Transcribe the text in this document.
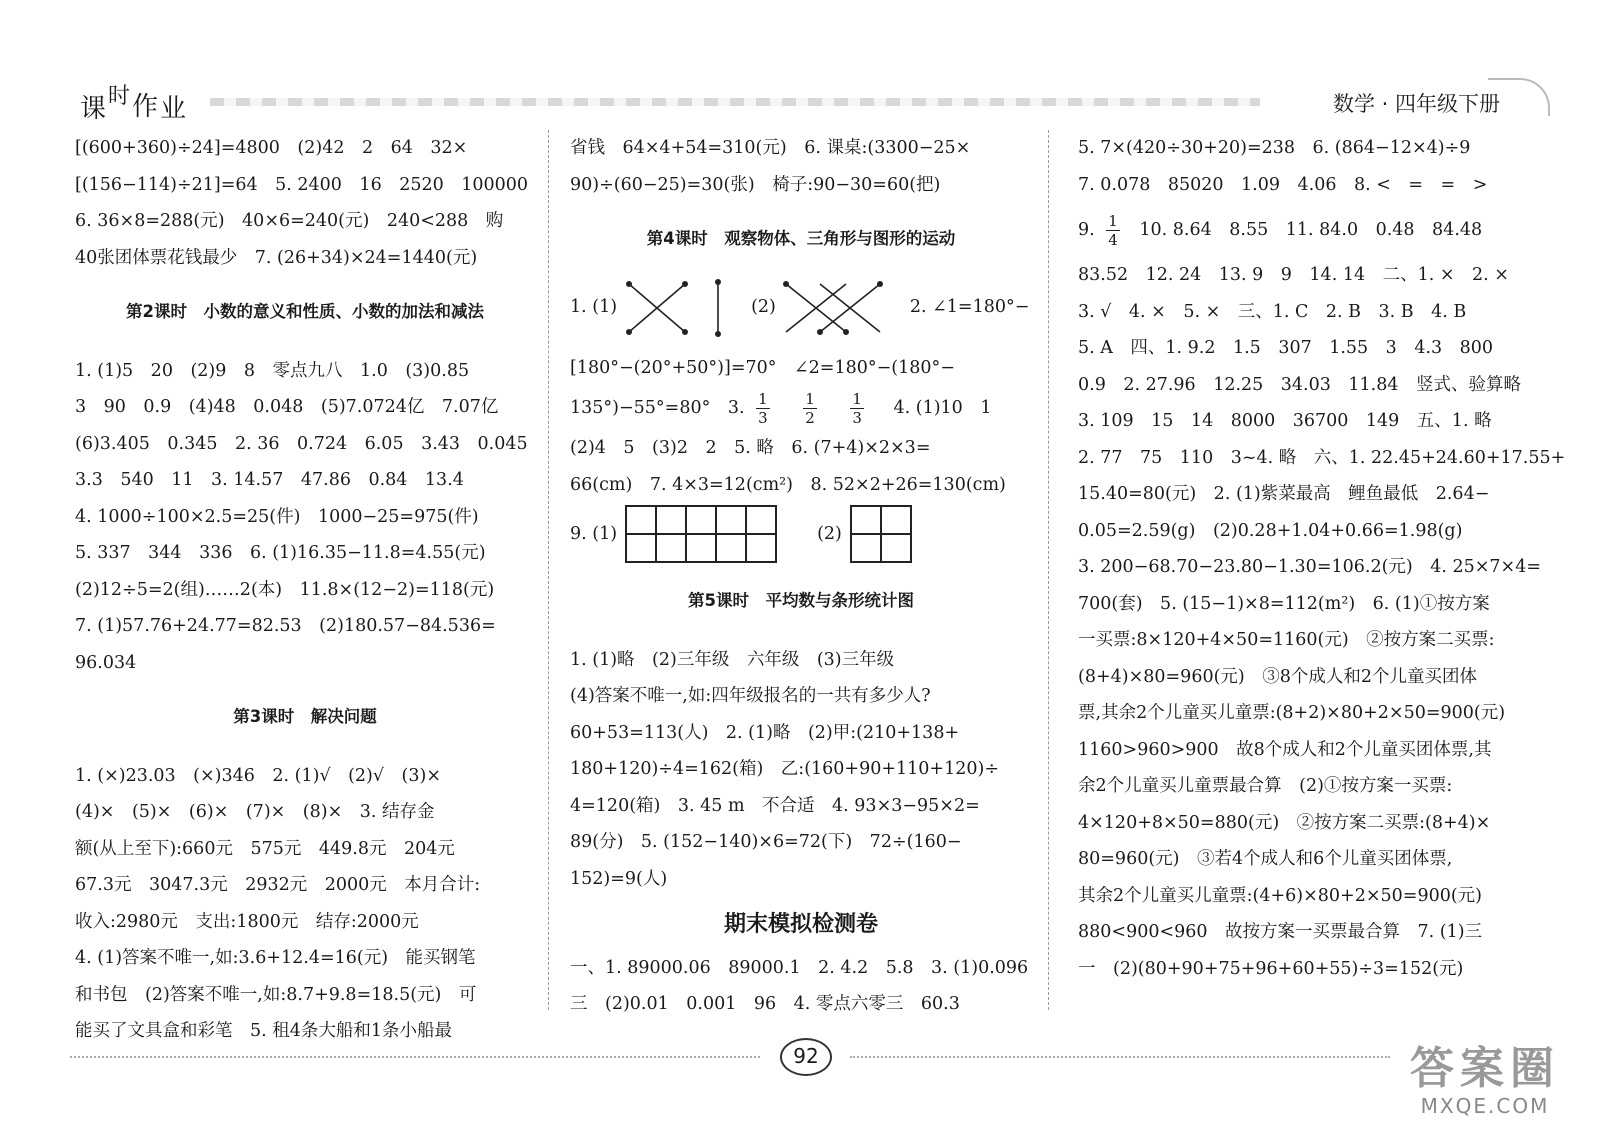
课$^时$作业	数学 · 四年级下册
[(600+360)÷24]=4800　(2)42　2　64　32×
[(156−114)÷21]=64　5. 2400　16　2520　100000
6. 36×8=288(元)　40×6=240(元)　240<288　购
40张团体票花钱最少　7. (26+34)×24=1440(元)
第2课时　小数的意义和性质、小数的加法和减法
1. (1)5　20　(2)9　8　零点九八　1.0　(3)0.85
3　90　0.9　(4)48　0.048　(5)7.0724亿　7.07亿
(6)3.405　0.345　2. 36　0.724　6.05　3.43　0.045
3.3　540　11　3. 14.57　47.86　0.84　13.4
4. 1000÷100×2.5=25(件)　1000−25=975(件)
5. 337　344　336　6. (1)16.35−11.8=4.55(元)
(2)12÷5=2(组)……2(本)　11.8×(12−2)=118(元)
7. (1)57.76+24.77=82.53　(2)180.57−84.536=
96.034
第3课时　解决问题
1. (×)23.03　(×)346　2. (1)√　(2)√　(3)×
(4)×　(5)×　(6)×　(7)×　(8)×　3. 结存金
额(从上至下):660元　575元　449.8元　204元
67.3元　3047.3元　2932元　2000元　本月合计:
收入:2980元　支出:1800元　结存:2000元
4. (1)答案不唯一,如:3.6+12.4=16(元)　能买钢笔
和书包　(2)答案不唯一,如:8.7+9.8=18.5(元)　可
能买了文具盒和彩笔　5. 租4条大船和1条小船最
省钱　64×4+54=310(元)　6. 课桌:(3300−25×
90)÷(60−25)=30(张)　椅子:90−30=60(把)
第4课时　观察物体、三角形与图形的运动
1. (1)	(2)	2. ∠1=180°−
[180°−(20°+50°)]=70°　∠2=180°−(180°−
135°)−55°=80°　3. $\frac{1}{3}$
$\frac{1}{2}$
$\frac{1}{3} 4$. (1)10　1
(2)4　5　(3)2　2　5. 略　6. (7+4)×2×3=
66(cm)　7. 4×3=12(cm²)　8. 52×2+26=130(cm)
9. (1)

					(2)

第5课时　平均数与条形统计图
1. (1)略　(2)三年级　六年级　(3)三年级
(4)答案不唯一,如:四年级报名的一共有多少人?
60+53=113(人)　2. (1)略　(2)甲:(210+138+
180+120)÷4=162(箱)　乙:(160+90+110+120)÷
4=120(箱)　3. 45 m　不合适　4. 93×3−95×2=
89(分)　5. (152−140)×6=72(下)　72÷(160−
152)=9(人)
期末模拟检测卷
一、1. 89000.06　89000.1　2. 4.2　5.8　3. (1)0.096
三　(2)0.01　0.001　96　4. 零点六零三　60.3
5. 7×(420÷30+20)=238　6. (864−12×4)÷9
7. 0.078　85020　1.09　4.06　8. <　=　=　>
9. $\frac{1}{4} 10$. 8.64　8.55　11. 84.0　0.48　84.48
83.52　12. 24　13. 9　9　14. 14　二、1. ×　2. ×
3. √　4. ×　5. ×　三、1. C　2. B　3. B　4. B
5. A　四、1. 9.2　1.5　307　1.55　3　4.3　800
0.9　2. 27.96　12.25　34.03　11.84　竖式、验算略
3. 109　15　14　8000　36700　149　五、1. 略
2. 77　75　110　3~4. 略　六、1. 22.45+24.60+17.55+
15.40=80(元)　2. (1)紫菜最高　鲤鱼最低　2.64−
0.05=2.59(g)　(2)0.28+1.04+0.66=1.98(g)
3. 200−68.70−23.80−1.30=106.2(元)　4. 25×7×4=
700(套)　5. (15−1)×8=112(m²)　6. (1)①按方案
一买票:8×120+4×50=1160(元)　②按方案二买票:
(8+4)×80=960(元)　③8个成人和2个儿童买团体
票,其余2个儿童买儿童票:(8+2)×80+2×50=900(元)
1160>960>900　故8个成人和2个儿童买团体票,其
余2个儿童买儿童票最合算　(2)①按方案一买票:
4×120+8×50=880(元)　②按方案二买票:(8+4)×
80=960(元)　③若4个成人和6个儿童买团体票,
其余2个儿童买儿童票:(4+6)×80+2×50=900(元)
880<900<960　故按方案一买票最合算　7. (1)三
一　(2)(80+90+75+96+60+55)÷3=152(元)
92	答案圈
MXQE.COM
